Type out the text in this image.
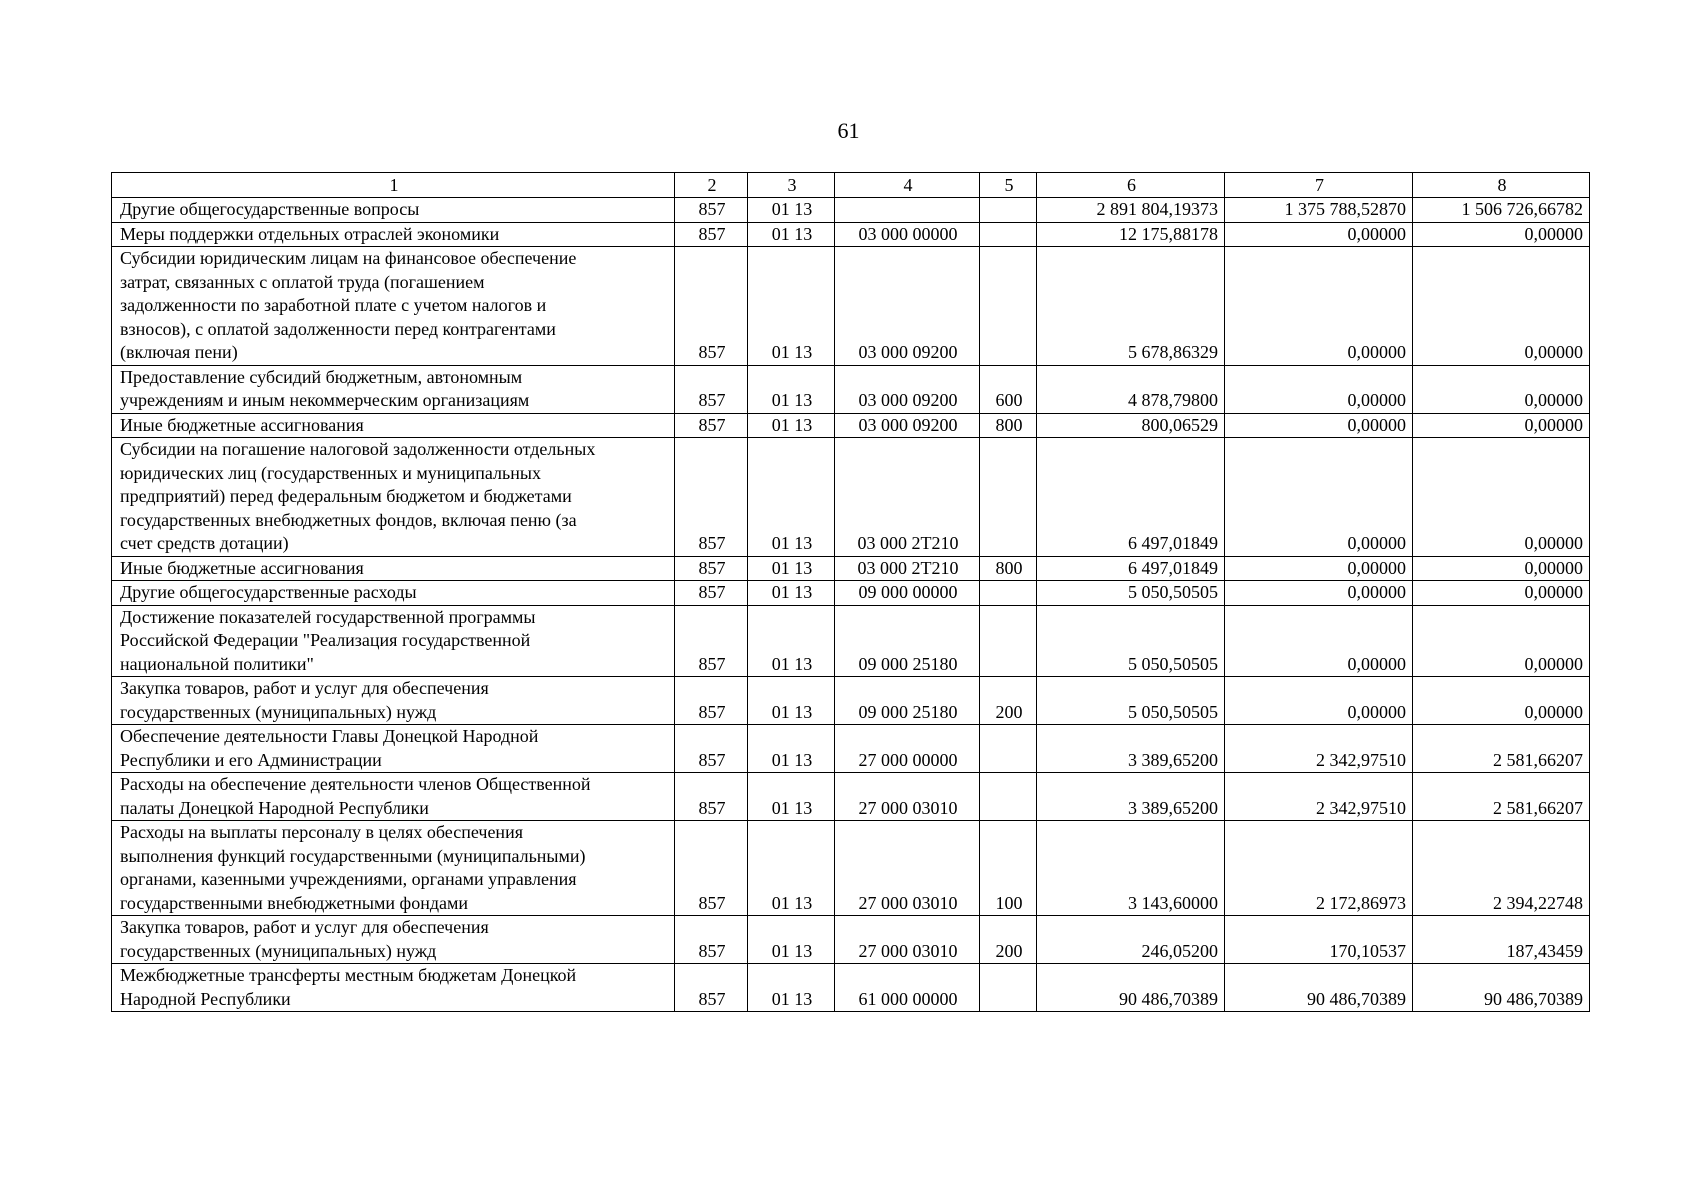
61
1	2	3	4	5	6	7	8

Другие общегосударственные вопросы	857	01 13			2 891 804,19373	1 375 788,52870	1 506 726,66782

Меры поддержки отдельных отраслей экономики	857	01 13	03 000 00000		12 175,88178	0,00000	0,00000

Субсидии юридическим лицам на финансовое обеспечение
затрат, связанных с оплатой труда (погашением
задолженности по заработной плате с учетом налогов и
взносов), с оплатой задолженности перед контрагентами
(включая пени)	857	01 13	03 000 09200		5 678,86329	0,00000	0,00000

Предоставление субсидий бюджетным, автономным
учреждениям и иным некоммерческим организациям	857	01 13	03 000 09200	600	4 878,79800	0,00000	0,00000

Иные бюджетные ассигнования	857	01 13	03 000 09200	800	800,06529	0,00000	0,00000

Субсидии на погашение налоговой задолженности отдельных
юридических лиц (государственных и муниципальных
предприятий) перед федеральным бюджетом и бюджетами
государственных внебюджетных фондов, включая пеню (за
счет средств дотации)	857	01 13	03 000 2Т210		6 497,01849	0,00000	0,00000

Иные бюджетные ассигнования	857	01 13	03 000 2Т210	800	6 497,01849	0,00000	0,00000

Другие общегосударственные расходы	857	01 13	09 000 00000		5 050,50505	0,00000	0,00000

Достижение показателей государственной программы
Российской Федерации "Реализация государственной
национальной политики"	857	01 13	09 000 25180		5 050,50505	0,00000	0,00000

Закупка товаров, работ и услуг для обеспечения
государственных (муниципальных) нужд	857	01 13	09 000 25180	200	5 050,50505	0,00000	0,00000

Обеспечение деятельности Главы Донецкой Народной
Республики и его Администрации	857	01 13	27 000 00000		3 389,65200	2 342,97510	2 581,66207

Расходы на обеспечение деятельности членов Общественной
палаты Донецкой Народной Республики	857	01 13	27 000 03010		3 389,65200	2 342,97510	2 581,66207

Расходы на выплаты персоналу в целях обеспечения
выполнения функций государственными (муниципальными)
органами, казенными учреждениями, органами управления
государственными внебюджетными фондами	857	01 13	27 000 03010	100	3 143,60000	2 172,86973	2 394,22748

Закупка товаров, работ и услуг для обеспечения
государственных (муниципальных) нужд	857	01 13	27 000 03010	200	246,05200	170,10537	187,43459

Межбюджетные трансферты местным бюджетам Донецкой
Народной Республики	857	01 13	61 000 00000		90 486,70389	90 486,70389	90 486,70389
